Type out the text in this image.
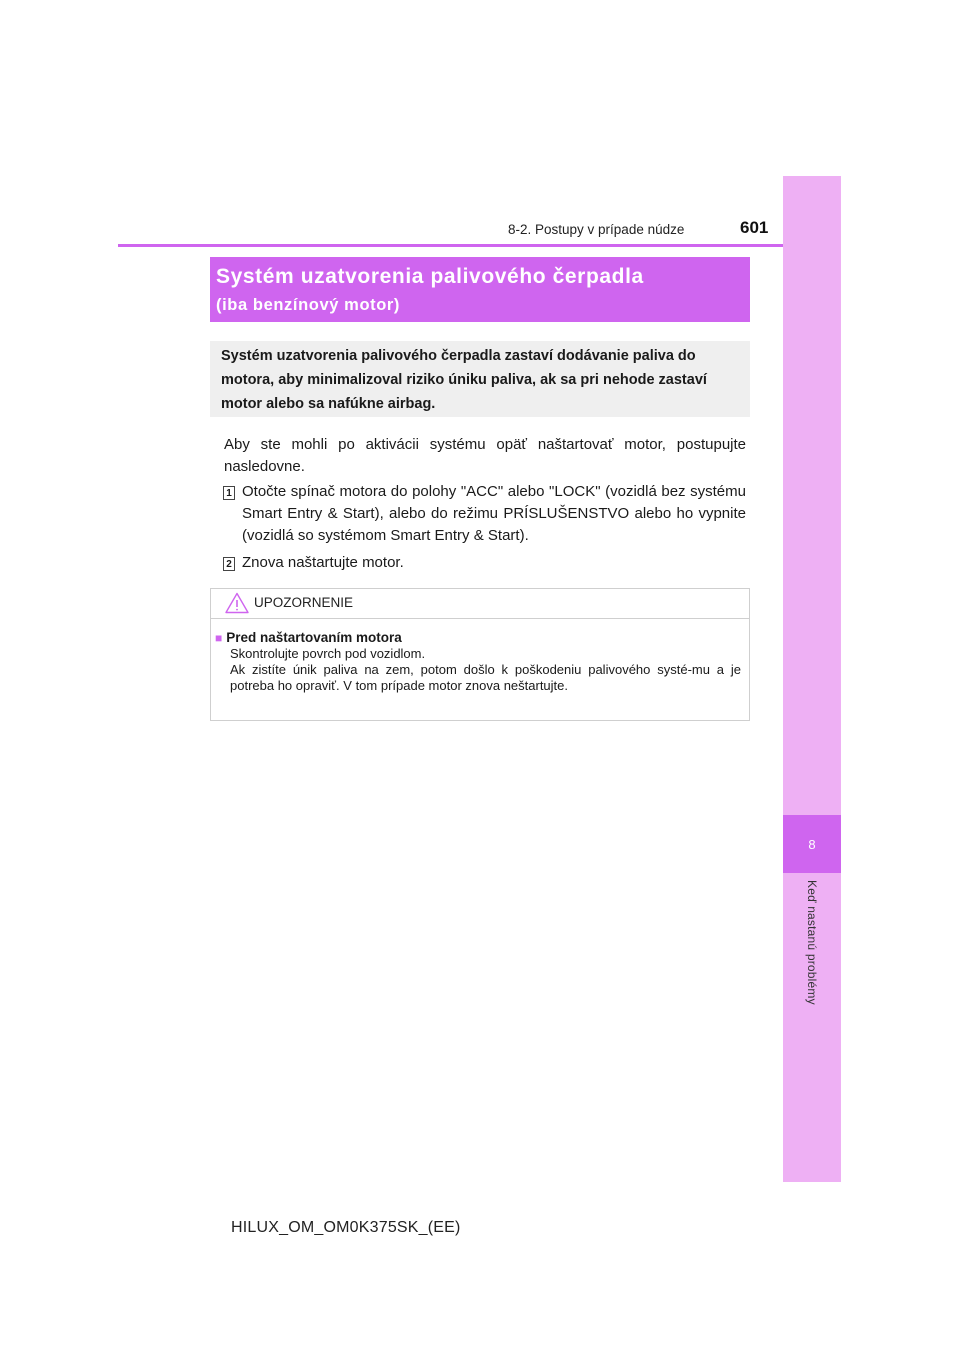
8
Keď nastanú problémy
8-2. Postupy v prípade núdze	601
Systém uzatvorenia palivového čerpadla
(iba benzínový motor)
Systém uzatvorenia palivového čerpadla zastaví dodávanie paliva do motora, aby minimalizoval riziko úniku paliva, ak sa pri nehode zastaví motor alebo sa nafúkne airbag.
Aby ste mohli po aktivácii systému opäť naštartovať motor, postupujte nasledovne.
1 Otočte spínač motora do polohy "ACC" alebo "LOCK" (vozidlá bez systému Smart Entry & Start), alebo do režimu PRÍSLUŠENSTVO alebo ho vypnite (vozidlá so systémom Smart Entry & Start).
2 Znova naštartujte motor.
UPOZORNENIE
■ Pred naštartovaním motora
Skontrolujte povrch pod vozidlom.
Ak zistíte únik paliva na zem, potom došlo k poškodeniu palivového systé-mu a je potreba ho opraviť. V tom prípade motor znova neštartujte.
HILUX_OM_OM0K375SK_(EE)
